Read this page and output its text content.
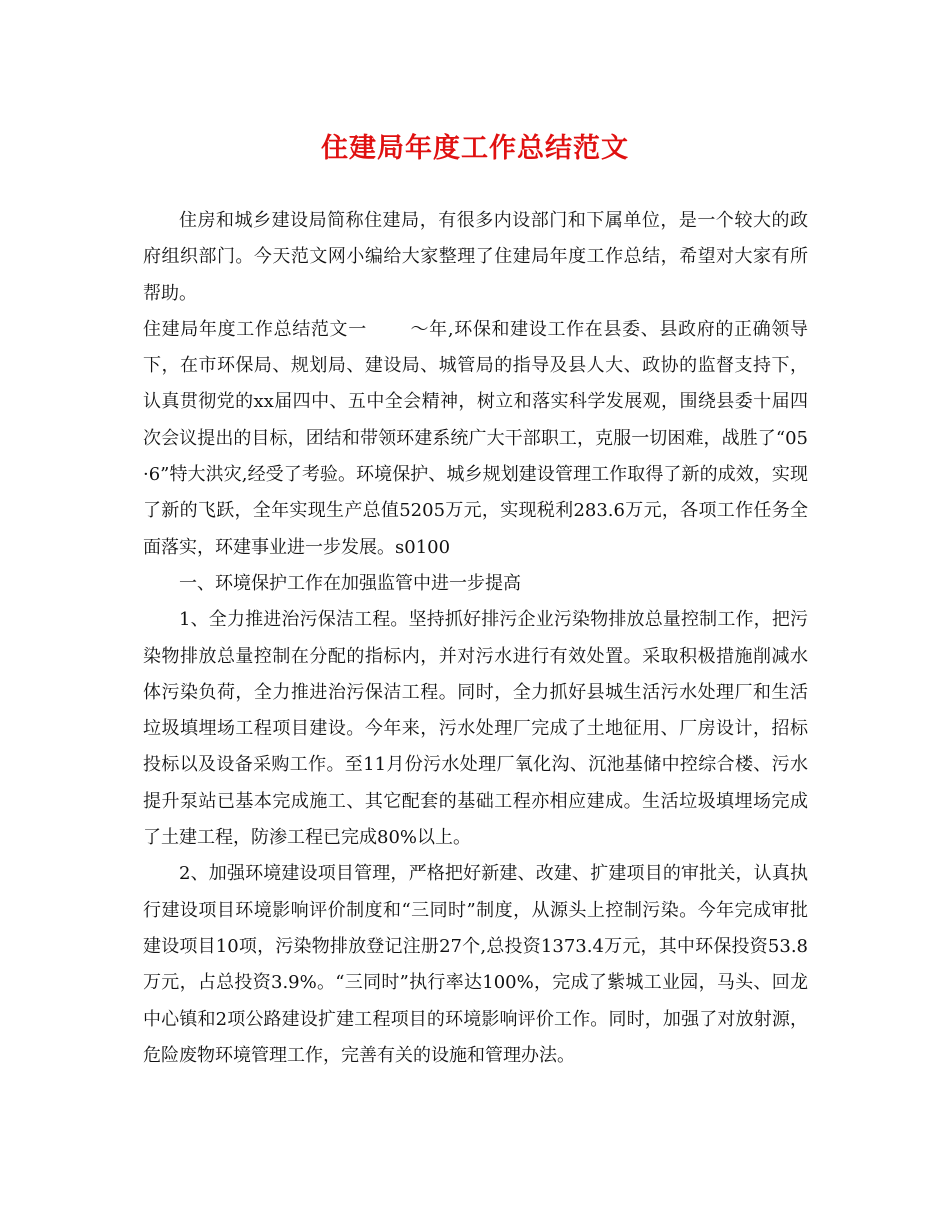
住建局年度工作总结范文

住房和城乡建设局简称住建局，有很多内设部门和下属单位，是一个较大的政府组织部门。今天范文网小编给大家整理了住建局年度工作总结，希望对大家有所帮助。

住建局年度工作总结范文一　　 ～年,环保和建设工作在县委、县政府的正确领导下，在市环保局、规划局、建设局、城管局的指导及县人大、政协的监督支持下，认真贯彻党的xx届四中、五中全会精神，树立和落实科学发展观，围绕县委十届四次会议提出的目标，团结和带领环建系统广大干部职工，克服一切困难，战胜了“05·6”特大洪灾,经受了考验。环境保护、城乡规划建设管理工作取得了新的成效，实现了新的飞跃，全年实现生产总值5205万元，实现税利283.6万元，各项工作任务全面落实，环建事业进一步发展。s0100

一、环境保护工作在加强监管中进一步提高

1、全力推进治污保洁工程。坚持抓好排污企业污染物排放总量控制工作，把污染物排放总量控制在分配的指标内，并对污水进行有效处置。采取积极措施削减水体污染负荷，全力推进治污保洁工程。同时，全力抓好县城生活污水处理厂和生活垃圾填埋场工程项目建设。今年来，污水处理厂完成了土地征用、厂房设计，招标投标以及设备采购工作。至11月份污水处理厂氧化沟、沉池基储中控综合楼、污水提升泵站已基本完成施工、其它配套的基础工程亦相应建成。生活垃圾填埋场完成了土建工程，防渗工程已完成80%以上。

2、加强环境建设项目管理，严格把好新建、改建、扩建项目的审批关，认真执行建设项目环境影响评价制度和“三同时”制度，从源头上控制污染。今年完成审批建设项目10项，污染物排放登记注册27个,总投资1373.4万元，其中环保投资53.8万元，占总投资3.9%。“三同时”执行率达100%，完成了紫城工业园，马头、回龙中心镇和2项公路建设扩建工程项目的环境影响评价工作。同时，加强了对放射源，危险废物环境管理工作，完善有关的设施和管理办法。
